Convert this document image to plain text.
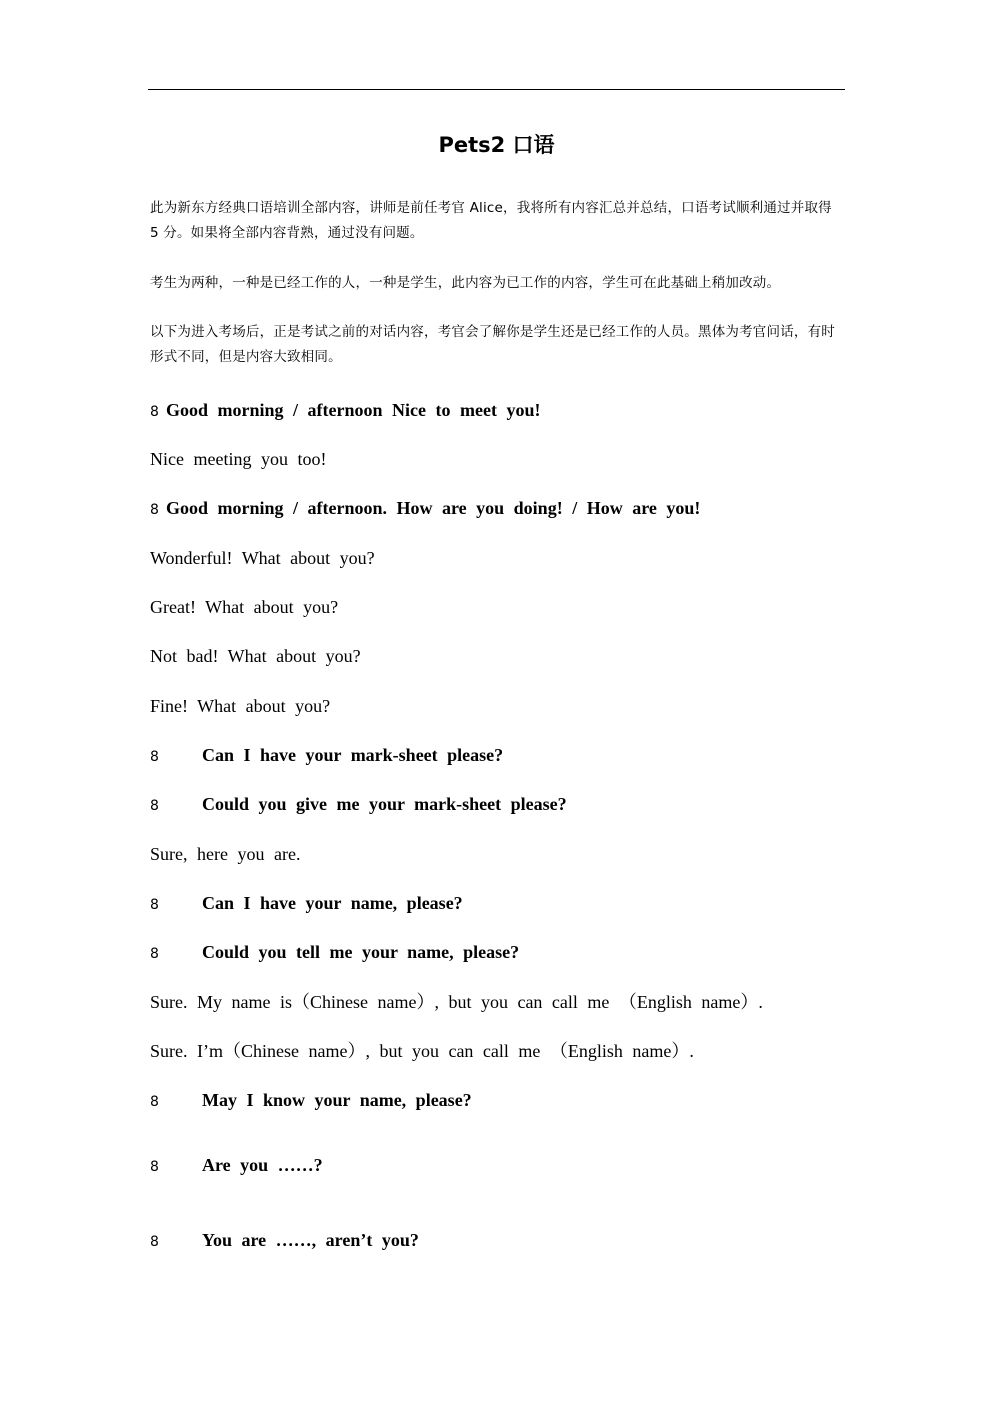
Pets2 口语
此为新东方经典口语培训全部内容，讲师是前任考官 Alice，我将所有内容汇总并总结，口语考试顺利通过并取得 5 分。如果将全部内容背熟，通过没有问题。
考生为两种，一种是已经工作的人，一种是学生，此内容为已工作的内容，学生可在此基础上稍加改动。
以下为进入考场后，正是考试之前的对话内容，考官会了解你是学生还是已经工作的人员。黑体为考官问话，有时形式不同，但是内容大致相同。
8 Good morning / afternoon Nice to meet you!
Nice meeting you too!
8 Good morning / afternoon. How are you doing! / How are you!
Wonderful! What about you?
Great! What about you?
Not bad! What about you?
Fine! What about you?
8 Can I have your mark-sheet please?
8 Could you give me your mark-sheet please?
Sure, here you are.
8 Can I have your name, please?
8 Could you tell me your name, please?
Sure. My name is（Chinese name）, but you can call me （English name）.
Sure. I’m（Chinese name）, but you can call me （English name）.
8 May I know your name, please?
8 Are you ……?
8 You are ……, aren’t you?
